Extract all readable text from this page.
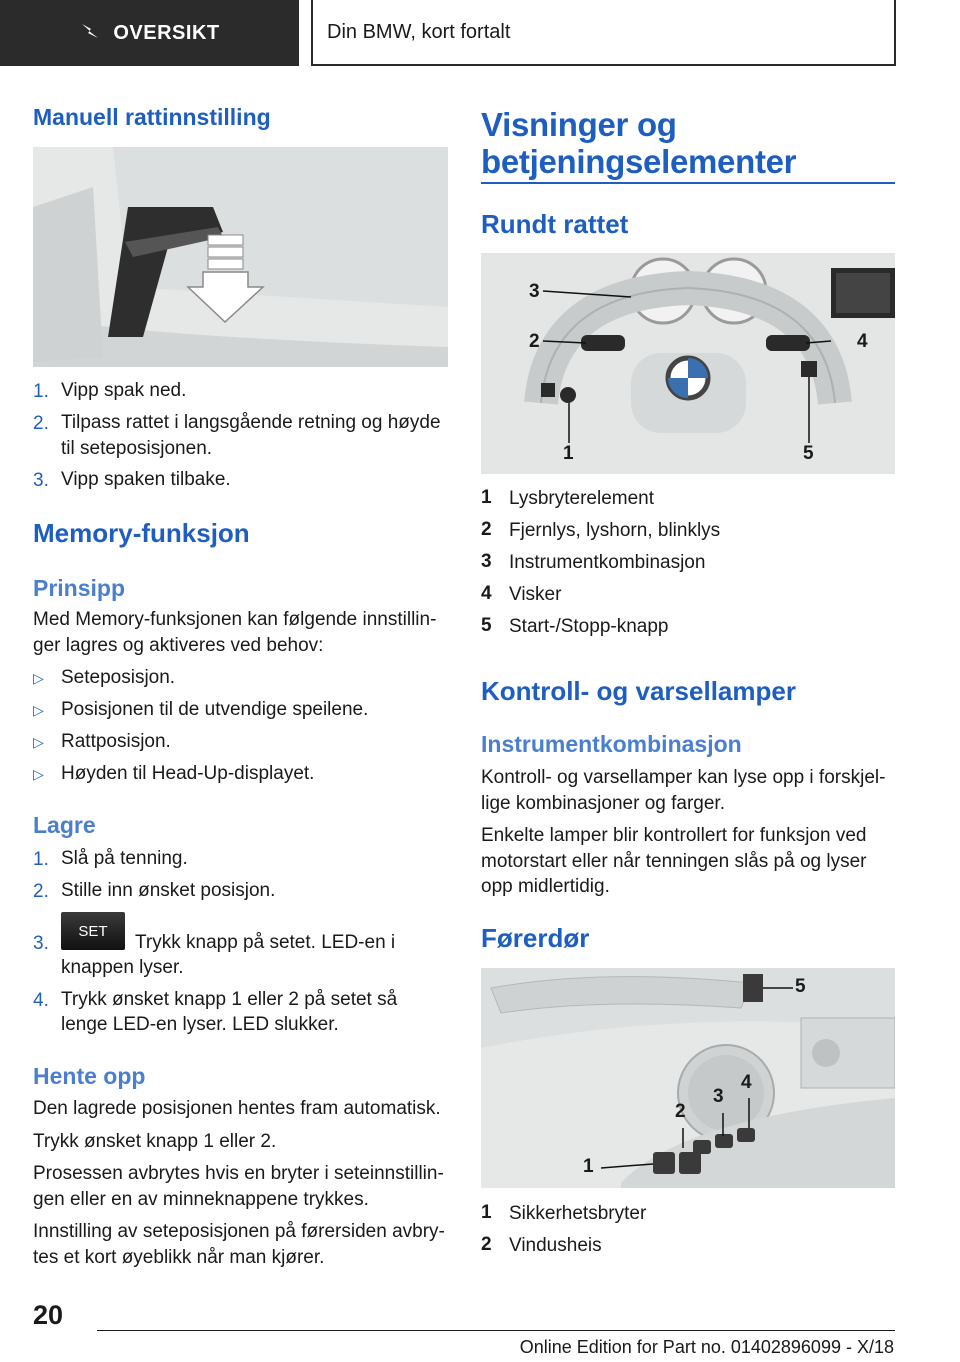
OVERSIKT	Din BMW, kort fortalt
Manuell rattinnstilling
1. Vipp spak ned.
2. Tilpass rattet i langsgående retning og høyde
til seteposisjonen.
3. Vipp spaken tilbake.
Memory-funksjon
Prinsipp
Med Memory-funksjonen kan følgende innstillin-
ger lagres og aktiveres ved behov:
▷ Seteposisjon.
▷ Posisjonen til de utvendige speilene.
▷ Rattposisjon.
▷ Høyden til Head-Up-displayet.
Lagre
1. Slå på tenning.
2. Stille inn ønsket posisjon.
3.
SET
Trykk knapp på setet. LED-en i
knappen lyser.
4. Trykk ønsket knapp 1 eller 2 på setet så
lenge LED-en lyser. LED slukker.
Hente opp
Den lagrede posisjonen hentes fram automatisk.
Trykk ønsket knapp 1 eller 2.
Prosessen avbrytes hvis en bryter i seteinnstillin-
gen eller en av minneknappene trykkes.
Innstilling av seteposisjonen på førersiden avbry-
tes et kort øyeblikk når man kjører.
Visninger og
betjeningselementer
Rundt rattet
3
2	4
1	5
1 Lysbryterelement
2 Fjernlys, lyshorn, blinklys
3 Instrumentkombinasjon
4 Visker
5 Start-/Stopp-knapp
Kontroll- og varsellamper
Instrumentkombinasjon
Kontroll- og varsellamper kan lyse opp i forskjel-
lige kombinasjoner og farger.
Enkelte lamper blir kontrollert for funksjon ved
motorstart eller når tenningen slås på og lyser
opp midlertidig.
Førerdør
1
2
3
4
5
1 Sikkerhetsbryter
2 Vindusheis
20
Online Edition for Part no. 01402896099 - X/18
